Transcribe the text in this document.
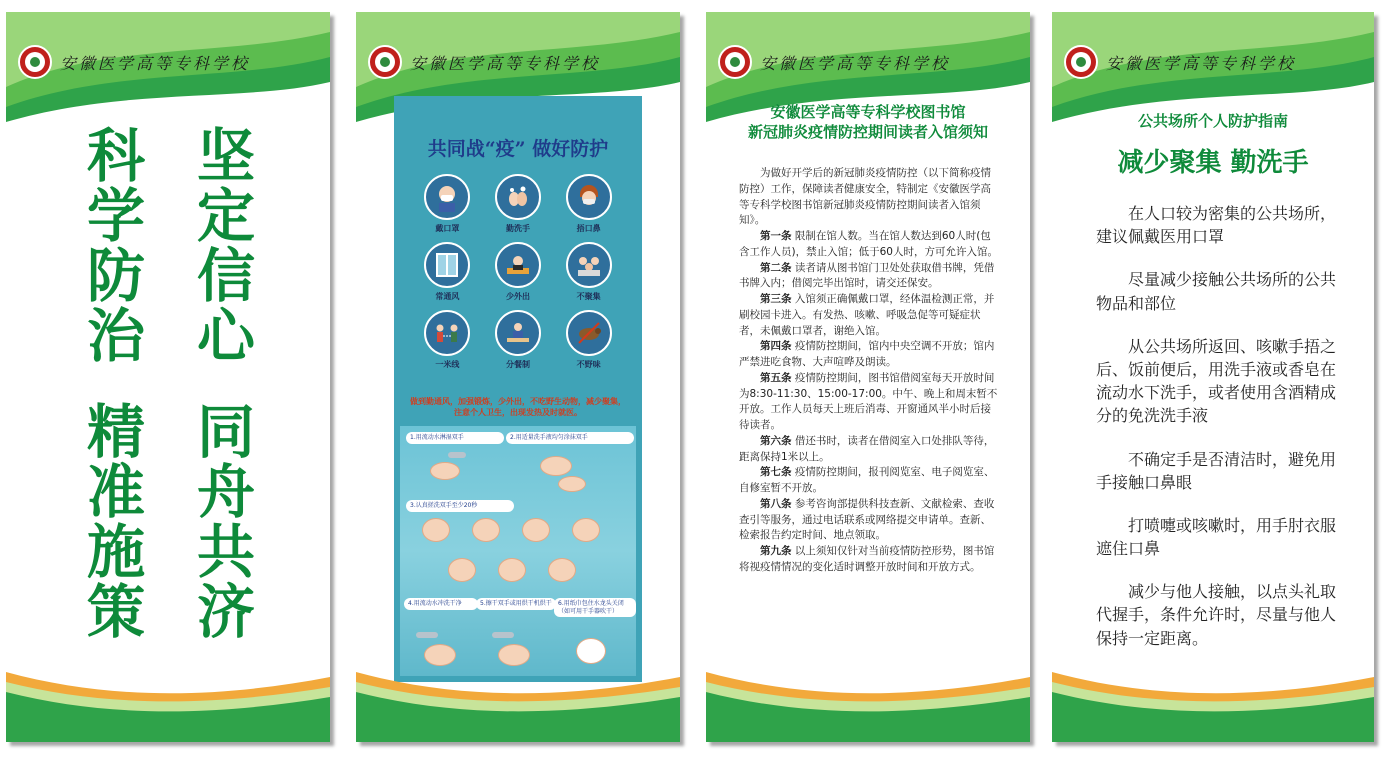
安徽医学高等专科学校
科学防治 坚定信心
精准施策 同舟共济
安徽医学高等专科学校
共同战“疫” 做好防护
戴口罩	勤洗手	捂口鼻
常通风	少外出	不聚集
一米线	分餐制	不野味
做到勤通风，加强锻炼，少外出，不吃野生动物，减少聚集，注意个人卫生，出现发热及时就医。
1.用流动水淋湿双手	2.用适量洗手液均匀涂抹双手
3.认真搓洗双手至少20秒
4.用流动水冲洗干净	5.擦干双手或用烘干机烘干	6.用纸巾包住水龙头关闭（如可用干手器吹干）
安徽医学高等专科学校
安徽医学高等专科学校图书馆
新冠肺炎疫情防控期间读者入馆须知

为做好开学后的新冠肺炎疫情防控（以下简称疫情防控）工作，保障读者健康安全，特制定《安徽医学高等专科学校图书馆新冠肺炎疫情防控期间读者入馆须知》。

第一条 限制在馆人数。当在馆人数达到60人时(包含工作人员)，禁止入馆；低于60人时，方可允许入馆。

第二条 读者请从图书馆门卫处处获取借书牌，凭借书牌入内；借阅完毕出馆时，请交还保安。

第三条 入馆须正确佩戴口罩，经体温检测正常，并刷校园卡进入。有发热、咳嗽、呼吸急促等可疑症状者，未佩戴口罩者，谢绝入馆。

第四条 疫情防控期间，馆内中央空调不开放；馆内严禁进吃食物、大声喧哗及朗读。

第五条 疫情防控期间，图书馆借阅室每天开放时间为8:30-11:30、15:00-17:00。中午、晚上和周末暂不开放。工作人员每天上班后消毒、开窗通风半小时后接待读者。

第六条 借还书时，读者在借阅室入口处排队等待，距离保持1米以上。

第七条 疫情防控期间，报刊阅览室、电子阅览室、自修室暂不开放。

第八条 参考咨询部提供科技查新、文献检索、查收查引等服务，通过电话联系或网络提交申请单。查新、检索报告约定时间、地点领取。

第九条 以上须知仅针对当前疫情防控形势，图书馆将视疫情情况的变化适时调整开放时间和开放方式。

安徽医学高等专科学校
公共场所个人防护指南
减少聚集 勤洗手

在人口较为密集的公共场所，建议佩戴医用口罩

尽量减少接触公共场所的公共物品和部位

从公共场所返回、咳嗽手捂之后、饭前便后，用洗手液或香皂在流动水下洗手，或者使用含酒精成分的免洗洗手液

不确定手是否清洁时，避免用手接触口鼻眼

打喷嚏或咳嗽时，用手肘衣服遮住口鼻

减少与他人接触，以点头礼取代握手，条件允许时，尽量与他人保持一定距离。
